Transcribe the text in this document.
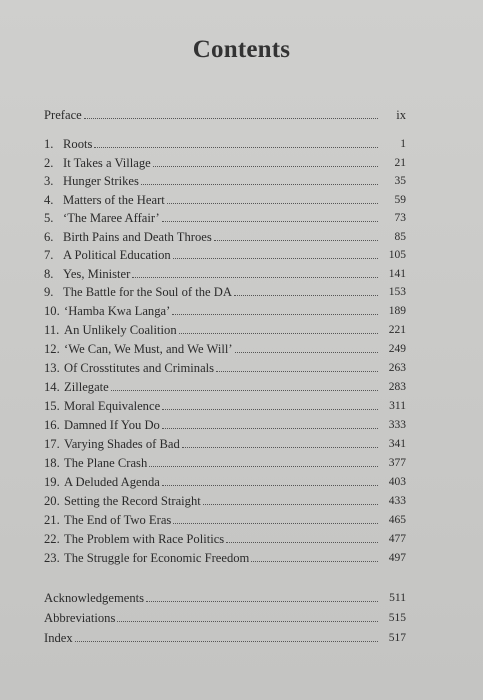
Contents
Preface	ix
1. Roots	1
2. It Takes a Village	21
3. Hunger Strikes	35
4. Matters of the Heart	59
5. ‘The Maree Affair’	73
6. Birth Pains and Death Throes	85
7. A Political Education	105
8. Yes, Minister	141
9. The Battle for the Soul of the DA	153
10. ‘Hamba Kwa Langa’	189
11. An Unlikely Coalition	221
12. ‘We Can, We Must, and We Will’	249
13. Of Crosstitutes and Criminals	263
14. Zillegate	283
15. Moral Equivalence	311
16. Damned If You Do	333
17. Varying Shades of Bad	341
18. The Plane Crash	377
19. A Deluded Agenda	403
20. Setting the Record Straight	433
21. The End of Two Eras	465
22. The Problem with Race Politics	477
23. The Struggle for Economic Freedom	497
Acknowledgements	511
Abbreviations	515
Index	517
